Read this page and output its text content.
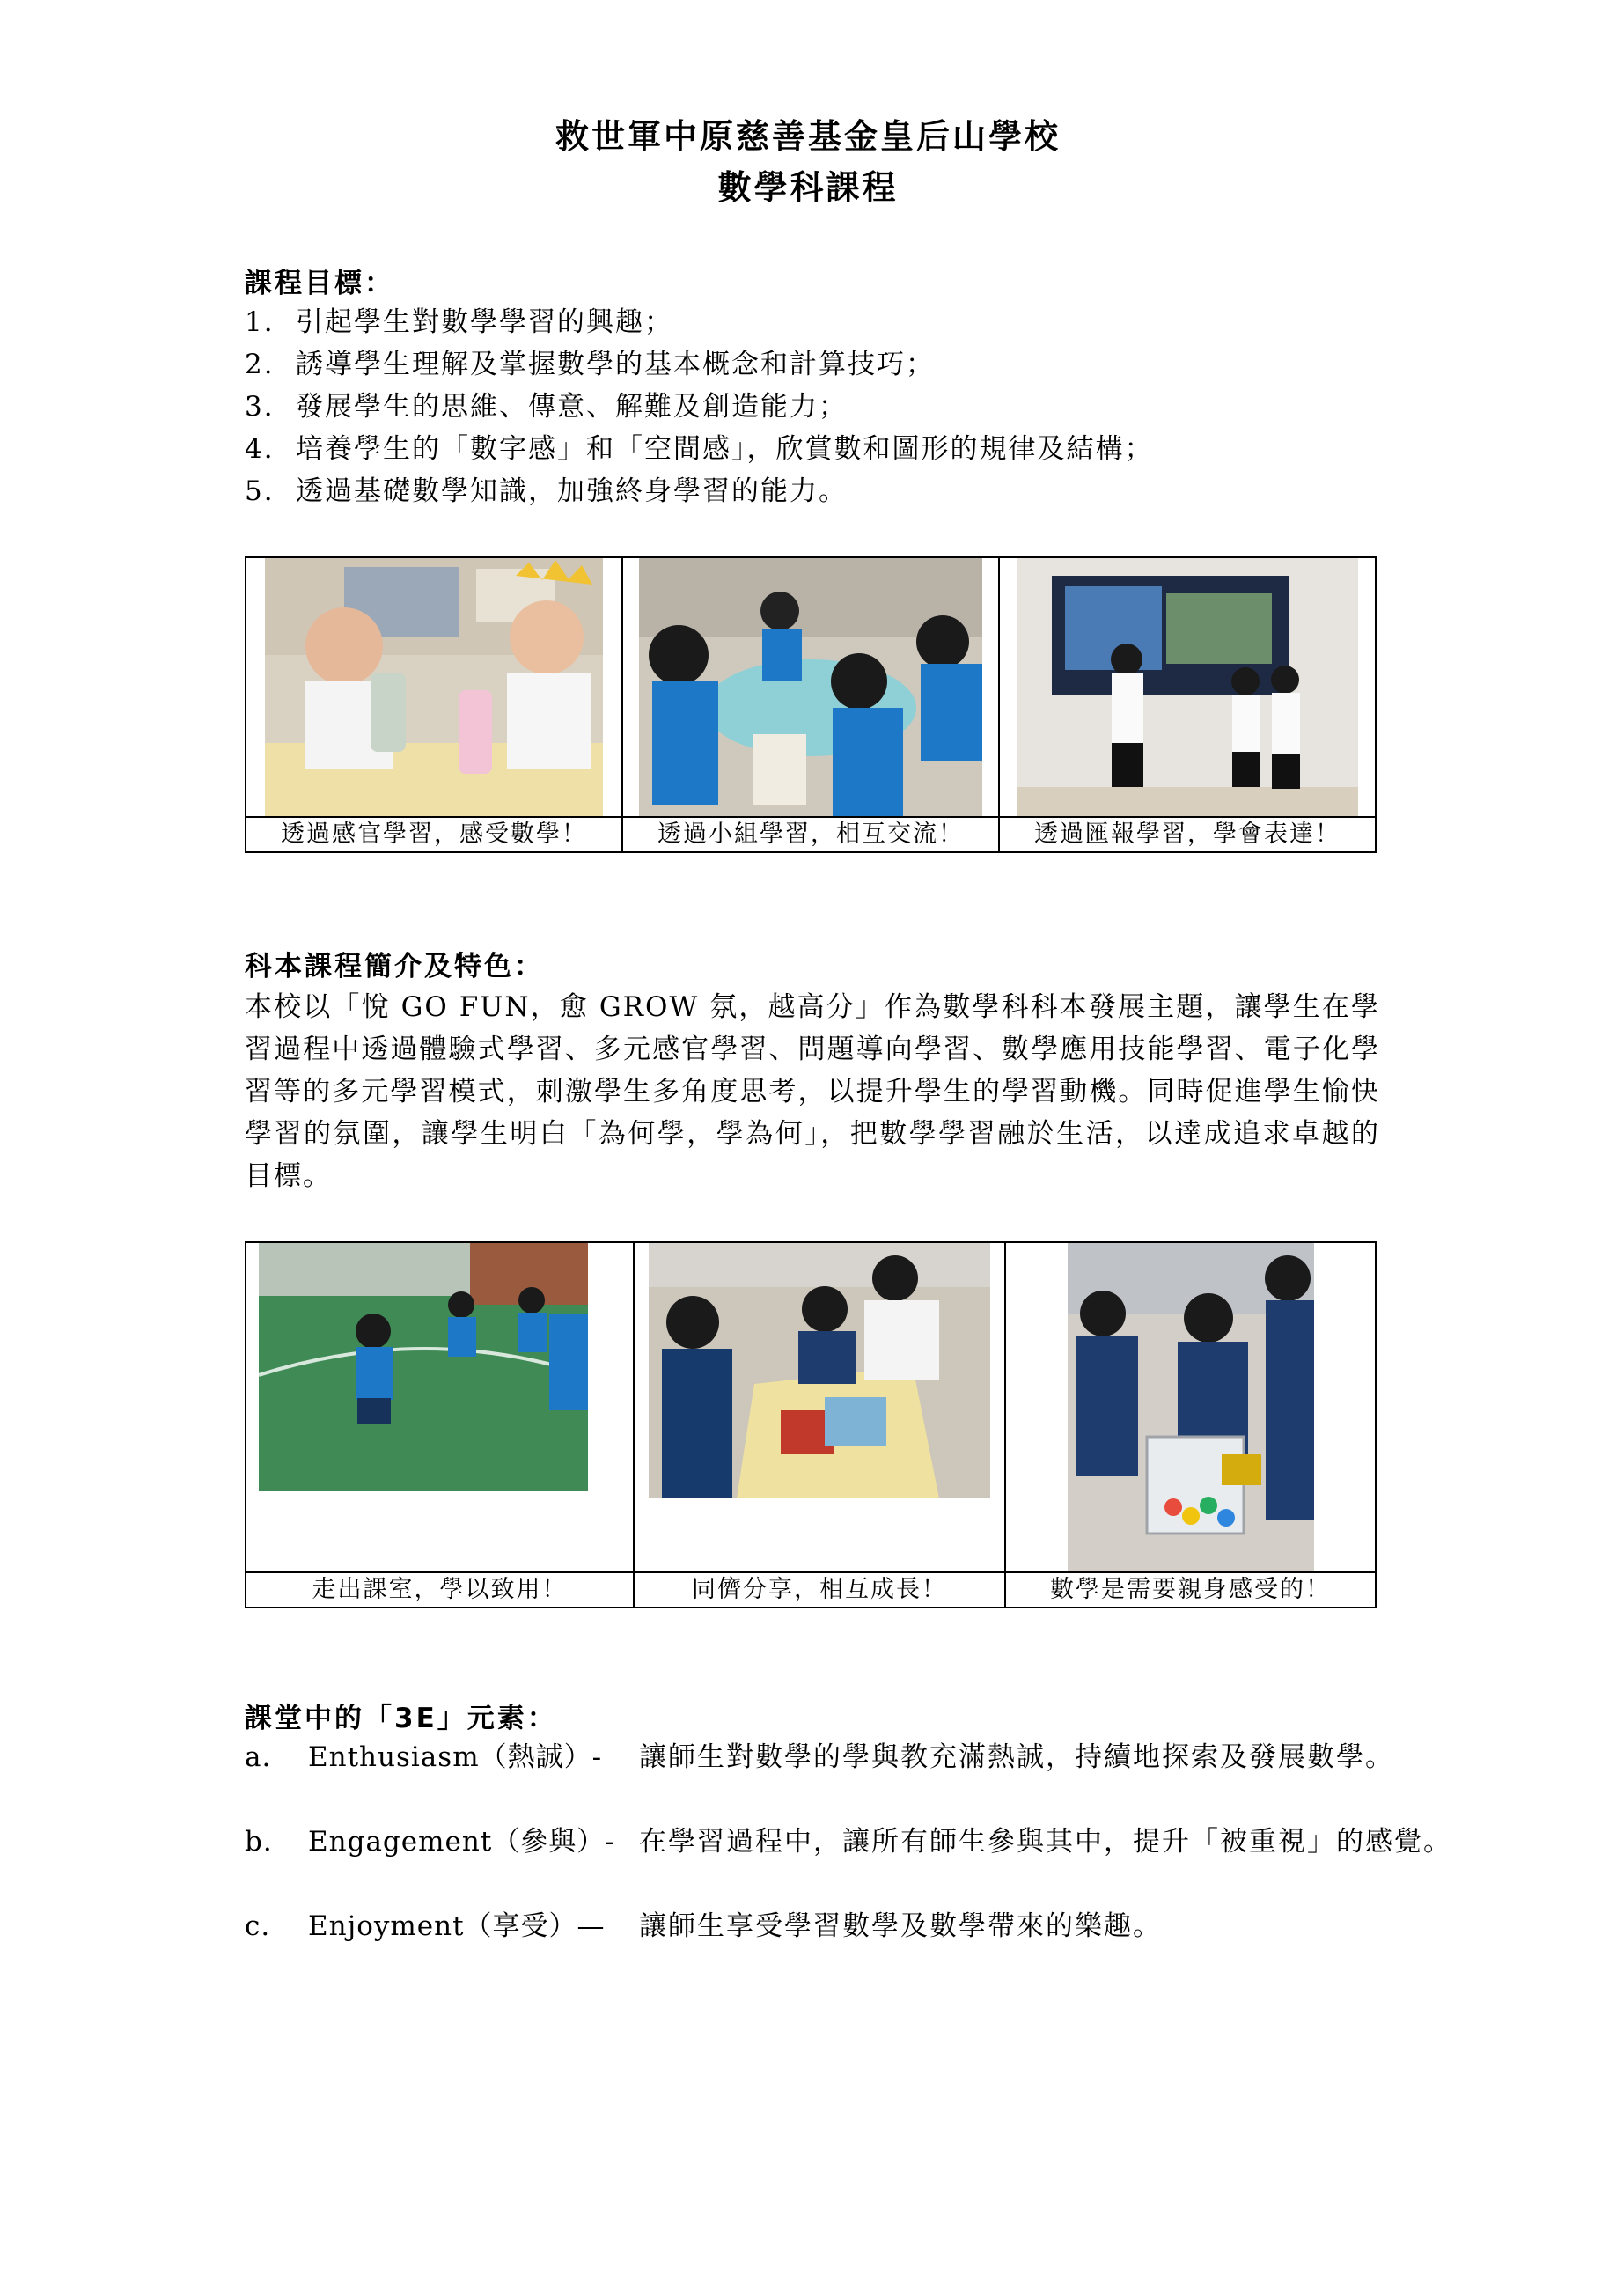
救世軍中原慈善基金皇后山學校
數學科課程
課程目標：
1. 引起學生對數學學習的興趣；
2. 誘導學生理解及掌握數學的基本概念和計算技巧；
3. 發展學生的思維、傳意、解難及創造能力；
4. 培養學生的「數字感」和「空間感」，欣賞數和圖形的規律及結構；
5. 透過基礎數學知識，加強終身學習的能力。

透過感官學習，感受數學！	透過小組學習，相互交流！	透過匯報學習，學會表達！
科本課程簡介及特色：
本校以「悅 GO FUN，愈 GROW 氛，越高分」作為數學科科本發展主題，讓學生在學習過程中透過體驗式學習、多元感官學習、問題導向學習、數學應用技能學習、電子化學習等的多元學習模式，刺激學生多角度思考，以提升學生的學習動機。同時促進學生愉快學習的氛圍，讓學生明白「為何學，學為何」，把數學學習融於生活，以達成追求卓越的目標。

走出課室，學以致用！	同儕分享，相互成長！	數學是需要親身感受的！
課堂中的「3E」元素：
a. Enthusiasm（熱誠）- 讓師生對數學的學與教充滿熱誠，持續地探索及發展數學。
b. Engagement（參與）- 在學習過程中，讓所有師生參與其中，提升「被重視」的感覺。
c. Enjoyment（享受）— 讓師生享受學習數學及數學帶來的樂趣。
